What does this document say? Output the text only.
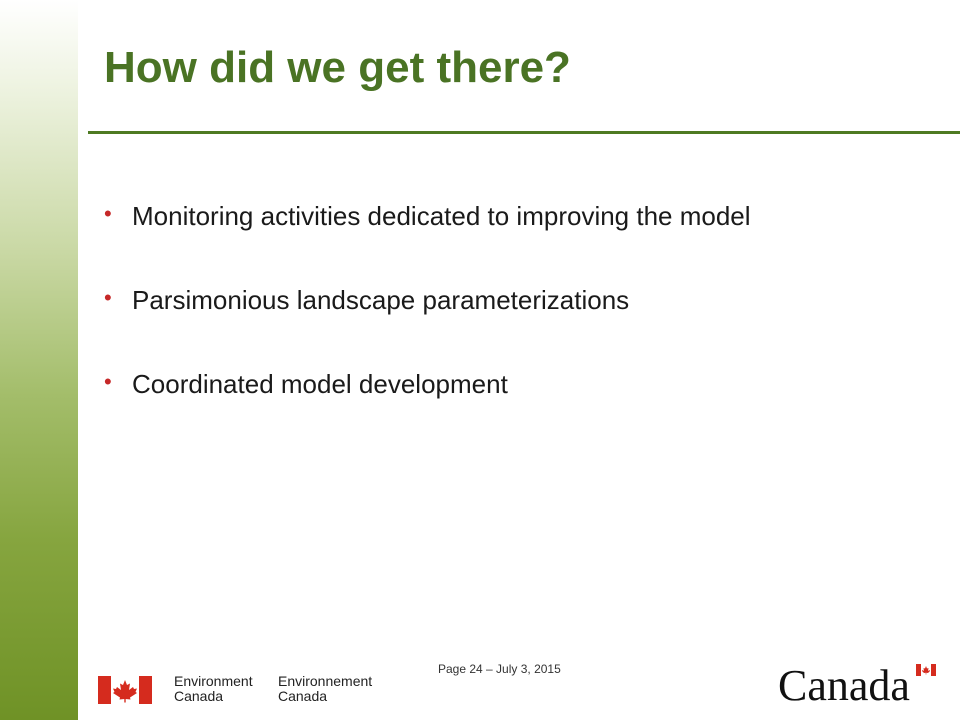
How did we get there?
• Monitoring activities dedicated to improving the model
• Parsimonious landscape parameterizations
• Coordinated model development
Page 24 – July 3, 2015
Environment
Canada
Environnement
Canada	Canada
